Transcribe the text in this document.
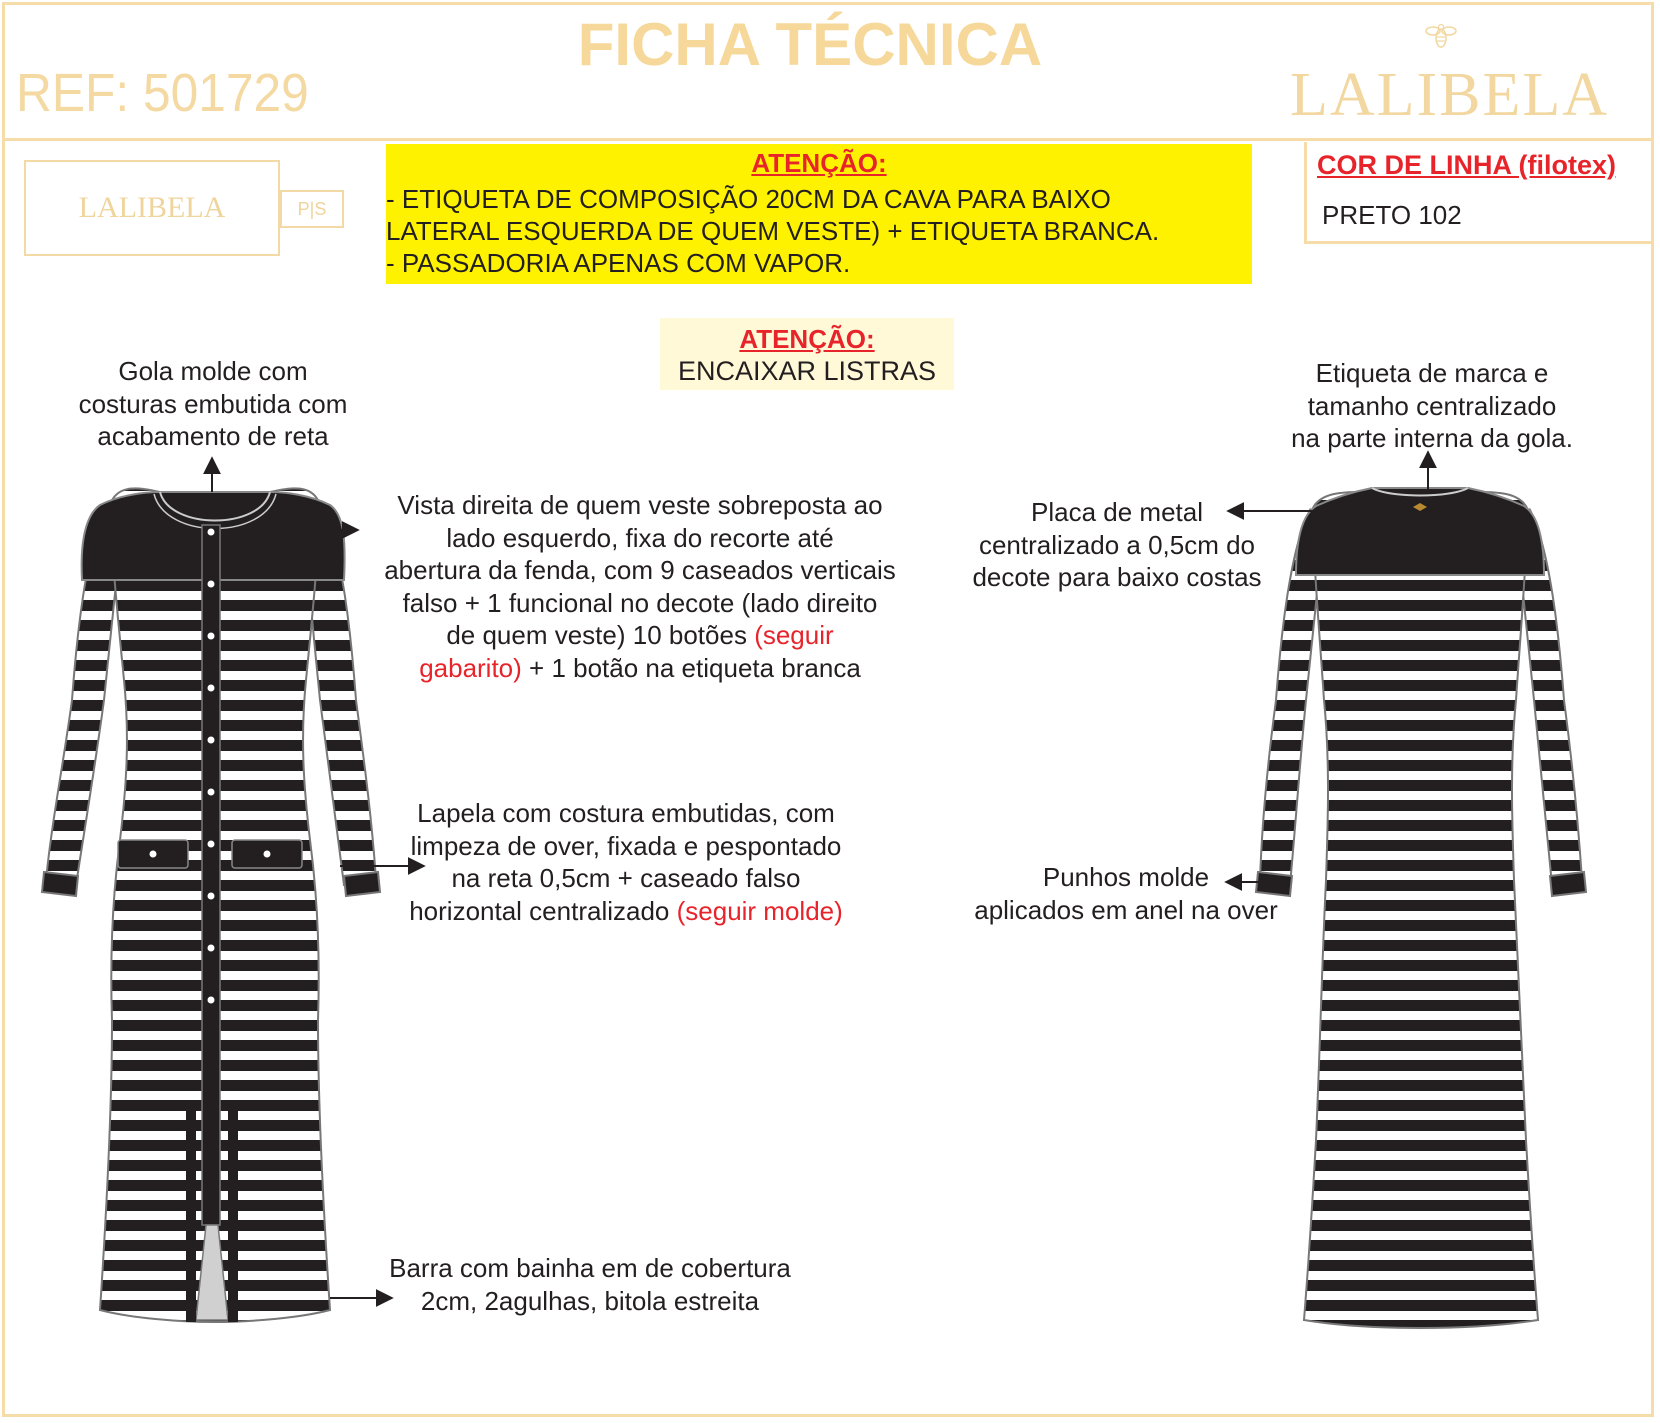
FICHA TÉCNICA
REF: 501729	LALIBELA
LALIBELA	P|S
ATENÇÃO:
- ETIQUETA DE COMPOSIÇÃO 20CM DA CAVA PARA BAIXO
LATERAL ESQUERDA DE QUEM VESTE) + ETIQUETA BRANCA.
- PASSADORIA APENAS COM VAPOR.
COR DE LINHA (filotex)
PRETO 102
ATENÇÃO:
ENCAIXAR LISTRAS
Gola molde com
costuras embutida com
acabamento de reta
Vista direita de quem veste sobreposta ao
lado esquerdo, fixa do recorte até
abertura da fenda, com 9 caseados verticais
falso + 1 funcional no decote (lado direito
de quem veste) 10 botões (seguir
gabarito) + 1 botão na etiqueta branca
Lapela com costura embutidas, com
limpeza de over, fixada e pespontado
na reta 0,5cm + caseado falso
horizontal centralizado (seguir molde)
Barra com bainha em de cobertura
2cm, 2agulhas, bitola estreita
Etiqueta de marca e
tamanho centralizado
na parte interna da gola.
Placa de metal
centralizado a 0,5cm do
decote para baixo costas
Punhos molde
aplicados em anel na over
